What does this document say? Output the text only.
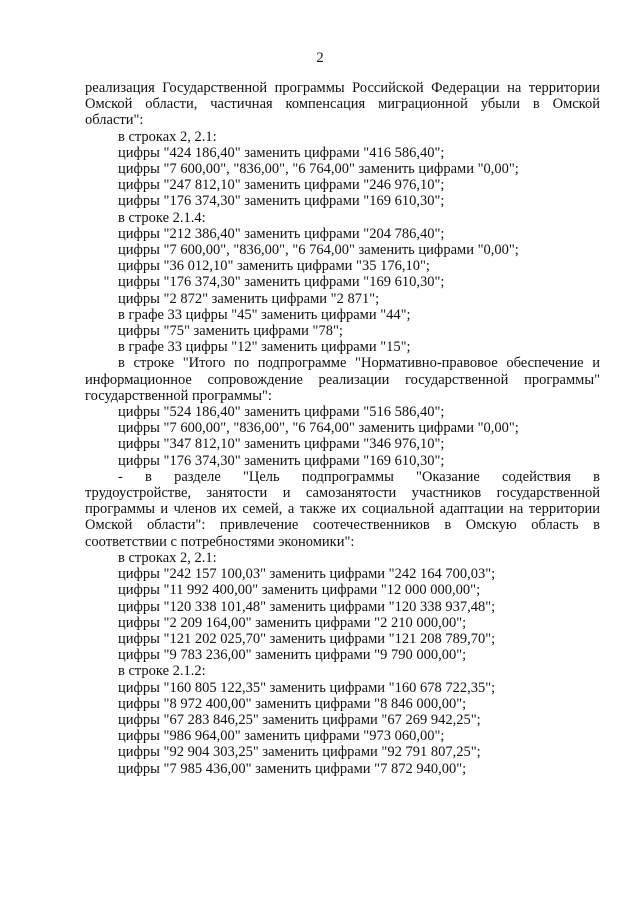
2
реализация Государственной программы Российской Федерации на территории
Омской области, частичная компенсация миграционной убыли в Омской
области":
в строках 2, 2.1:
цифры "424 186,40" заменить цифрами "416 586,40";
цифры "7 600,00", "836,00", "6 764,00" заменить цифрами "0,00";
цифры "247 812,10" заменить цифрами "246 976,10";
цифры "176 374,30" заменить цифрами "169 610,30";
в строке 2.1.4:
цифры "212 386,40" заменить цифрами "204 786,40";
цифры "7 600,00", "836,00", "6 764,00" заменить цифрами "0,00";
цифры "36 012,10" заменить цифрами "35 176,10";
цифры "176 374,30" заменить цифрами "169 610,30";
цифры "2 872" заменить цифрами "2 871";
в графе 33 цифры "45" заменить цифрами "44";
цифры "75" заменить цифрами "78";
в графе 33 цифры "12" заменить цифрами "15";
в строке "Итого по подпрограмме "Нормативно-правовое обеспечение и
информационное сопровождение реализации государственной программы"
государственной программы":
цифры "524 186,40" заменить цифрами "516 586,40";
цифры "7 600,00", "836,00", "6 764,00" заменить цифрами "0,00";
цифры "347 812,10" заменить цифрами "346 976,10";
цифры "176 374,30" заменить цифрами "169 610,30";
- в разделе "Цель подпрограммы "Оказание содействия в
трудоустройстве, занятости и самозанятости участников государственной
программы и членов их семей, а также их социальной адаптации на территории
Омской области": привлечение соотечественников в Омскую область в
соответствии с потребностями экономики":
в строках 2, 2.1:
цифры "242 157 100,03" заменить цифрами "242 164 700,03";
цифры "11 992 400,00" заменить цифрами "12 000 000,00";
цифры "120 338 101,48" заменить цифрами "120 338 937,48";
цифры "2 209 164,00" заменить цифрами "2 210 000,00";
цифры "121 202 025,70" заменить цифрами "121 208 789,70";
цифры "9 783 236,00" заменить цифрами "9 790 000,00";
в строке 2.1.2:
цифры "160 805 122,35" заменить цифрами "160 678 722,35";
цифры "8 972 400,00" заменить цифрами "8 846 000,00";
цифры "67 283 846,25" заменить цифрами "67 269 942,25";
цифры "986 964,00" заменить цифрами "973 060,00";
цифры "92 904 303,25" заменить цифрами "92 791 807,25";
цифры "7 985 436,00" заменить цифрами "7 872 940,00";
